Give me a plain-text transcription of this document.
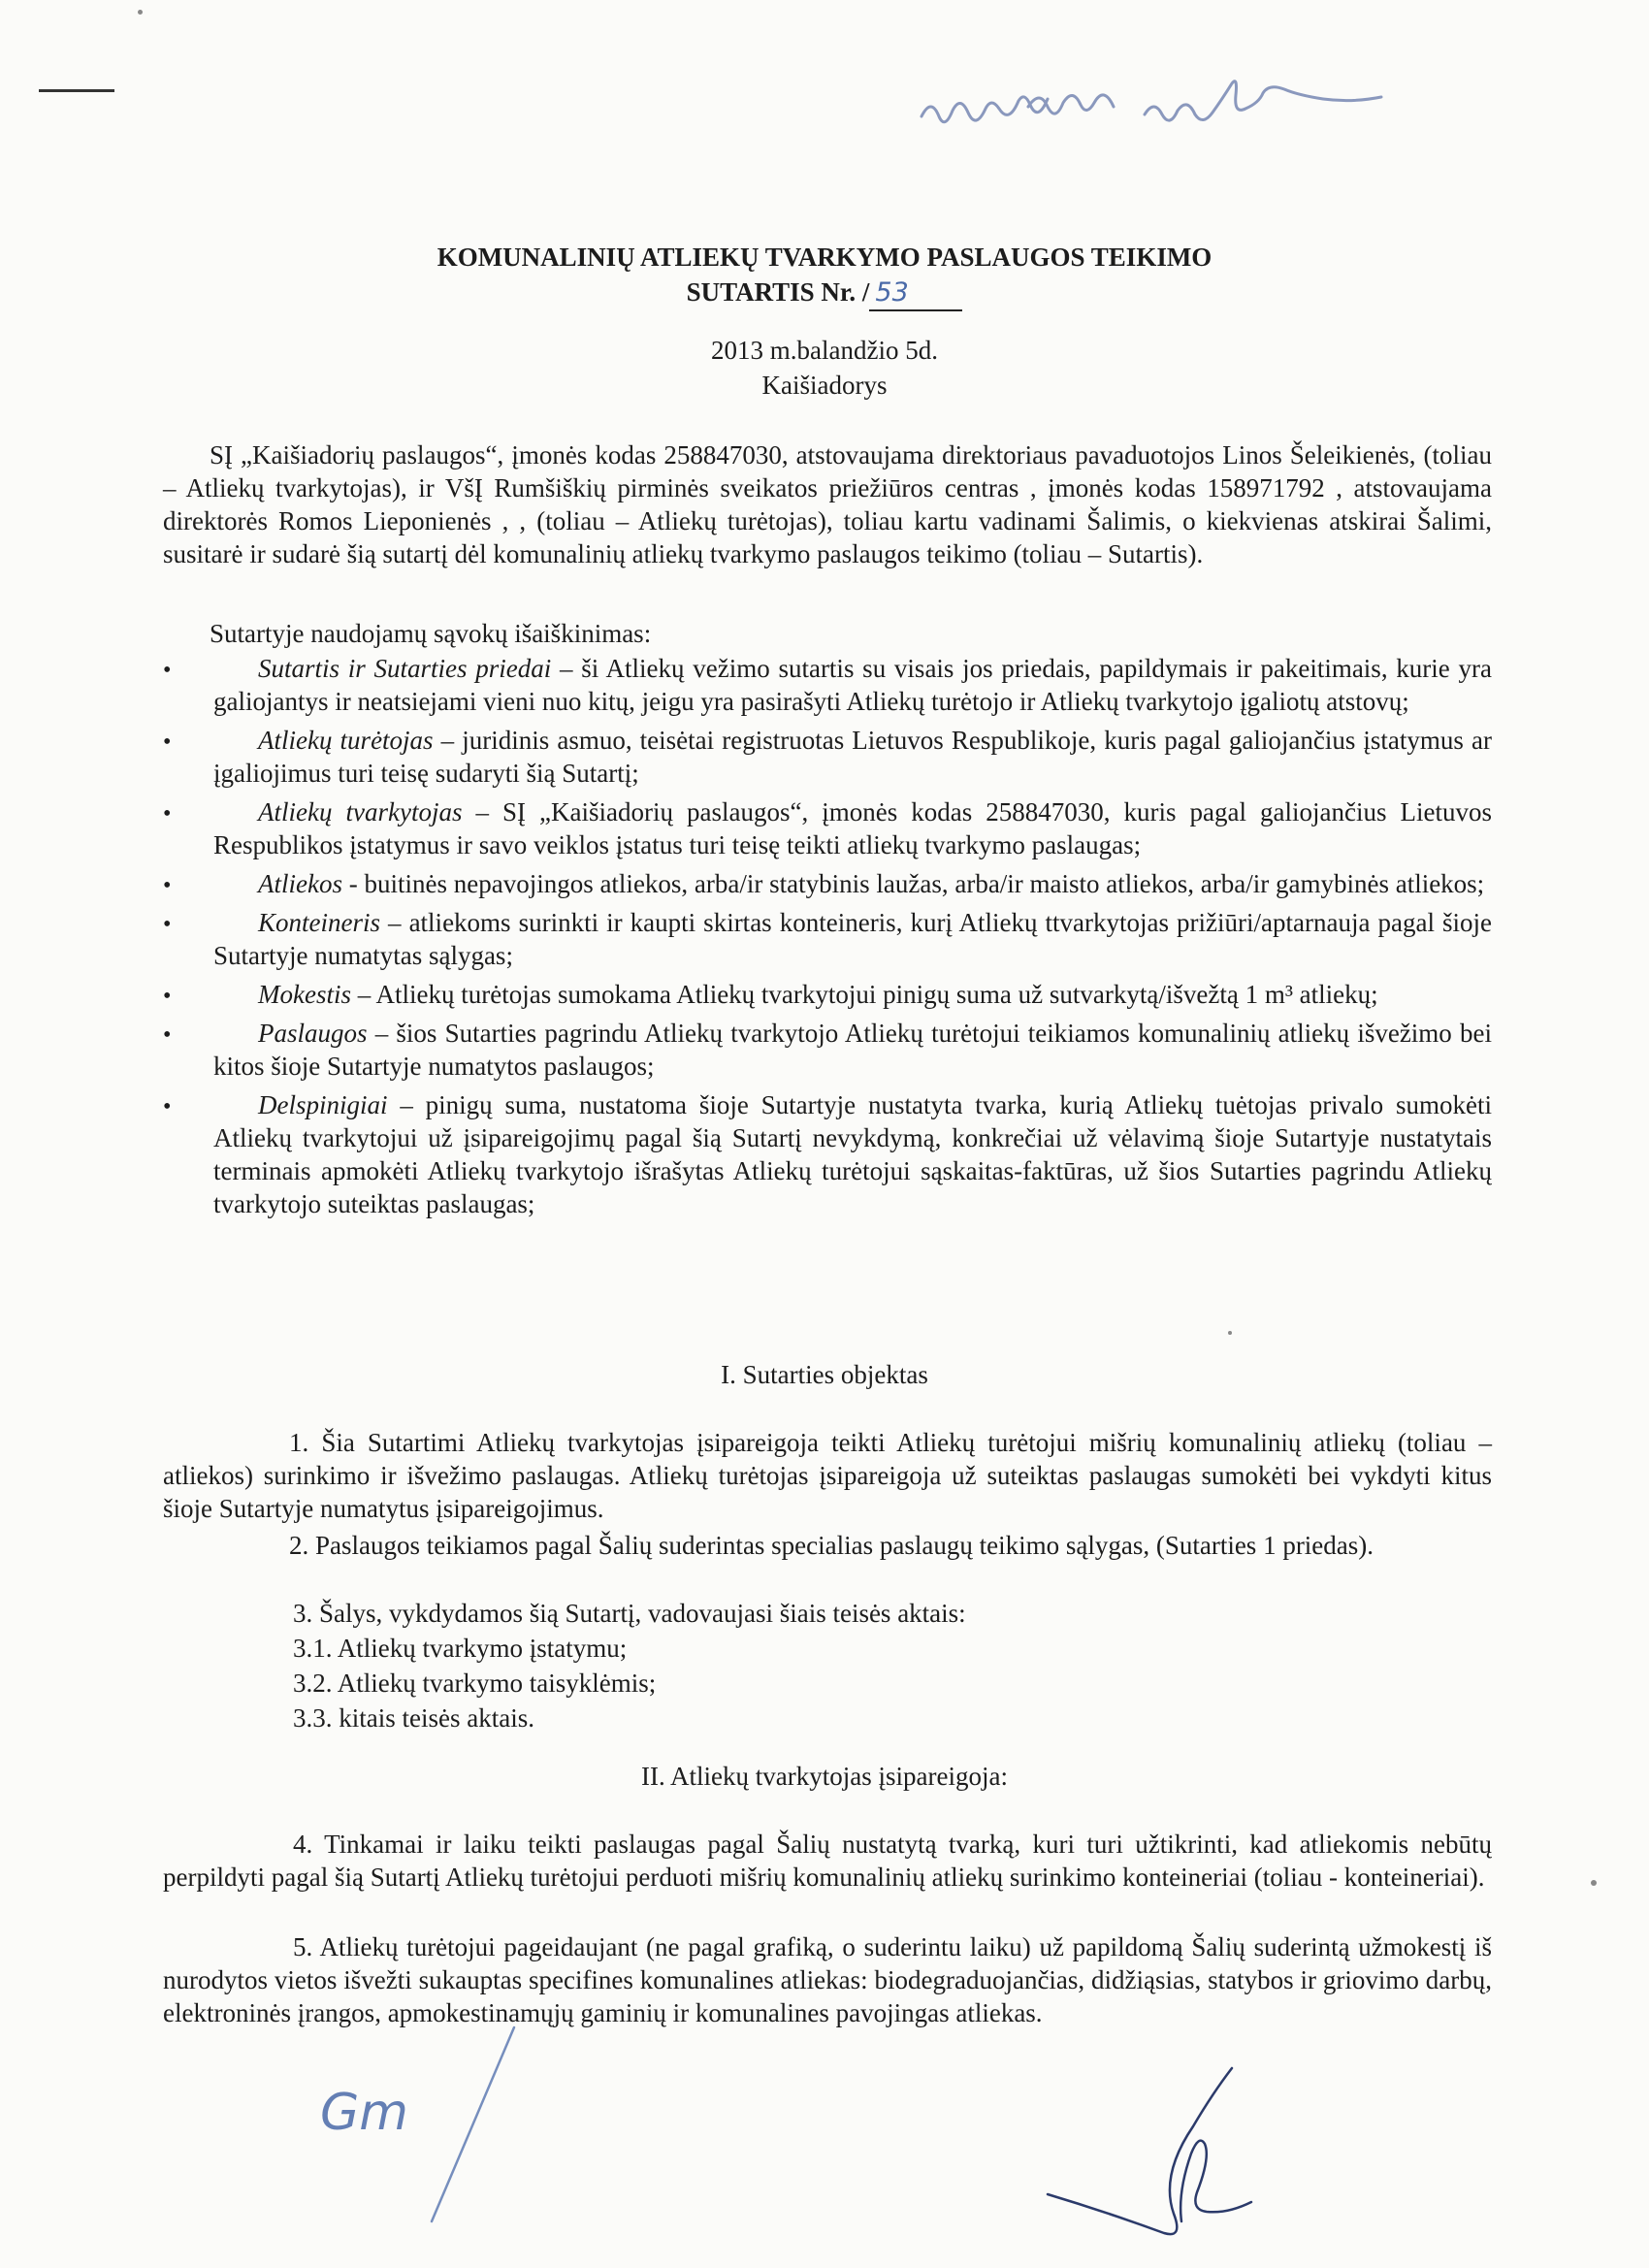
KOMUNALINIŲ ATLIEKŲ TVARKYMO PASLAUGOS TEIKIMO
SUTARTIS Nr. / 53
2013 m.balandžio 5d.
Kaišiadorys
SĮ „Kaišiadorių paslaugos“, įmonės kodas 258847030, atstovaujama direktoriaus pavaduotojos Linos Šeleikienės, (toliau – Atliekų tvarkytojas), ir VšĮ Rumšiškių pirminės sveikatos priežiūros centras , įmonės kodas 158971792 , atstovaujama direktorės Romos Lieponienės , , (toliau – Atliekų turėtojas), toliau kartu vadinami Šalimis, o kiekvienas atskirai Šalimi, susitarė ir sudarė šią sutartį dėl komunalinių atliekų tvarkymo paslaugos teikimo (toliau – Sutartis).
Sutartyje naudojamų sąvokų išaiškinimas:
• Sutartis ir Sutarties priedai – ši Atliekų vežimo sutartis su visais jos priedais, papildymais ir pakeitimais, kurie yra galiojantys ir neatsiejami vieni nuo kitų, jeigu yra pasirašyti Atliekų turėtojo ir Atliekų tvarkytojo įgaliotų atstovų;
• Atliekų turėtojas – juridinis asmuo, teisėtai registruotas Lietuvos Respublikoje, kuris pagal galiojančius įstatymus ar įgaliojimus turi teisę sudaryti šią Sutartį;
• Atliekų tvarkytojas – SĮ „Kaišiadorių paslaugos“, įmonės kodas 258847030, kuris pagal galiojančius Lietuvos Respublikos įstatymus ir savo veiklos įstatus turi teisę teikti atliekų tvarkymo paslaugas;
• Atliekos - buitinės nepavojingos atliekos, arba/ir statybinis laužas, arba/ir maisto atliekos, arba/ir gamybinės atliekos;
• Konteineris – atliekoms surinkti ir kaupti skirtas konteineris, kurį Atliekų ttvarkytojas prižiūri/aptarnauja pagal šioje Sutartyje numatytas sąlygas;
• Mokestis – Atliekų turėtojas sumokama Atliekų tvarkytojui pinigų suma už sutvarkytą/išvežtą 1 m³ atliekų;
• Paslaugos – šios Sutarties pagrindu Atliekų tvarkytojo Atliekų turėtojui teikiamos komunalinių atliekų išvežimo bei kitos šioje Sutartyje numatytos paslaugos;
• Delspinigiai – pinigų suma, nustatoma šioje Sutartyje nustatyta tvarka, kurią Atliekų tuėtojas privalo sumokėti Atliekų tvarkytojui už įsipareigojimų pagal šią Sutartį nevykdymą, konkrečiai už vėlavimą šioje Sutartyje nustatytais terminais apmokėti Atliekų tvarkytojo išrašytas Atliekų turėtojui sąskaitas-faktūras, už šios Sutarties pagrindu Atliekų tvarkytojo suteiktas paslaugas;
I. Sutarties objektas
1. Šia Sutartimi Atliekų tvarkytojas įsipareigoja teikti Atliekų turėtojui mišrių komunalinių atliekų (toliau – atliekos) surinkimo ir išvežimo paslaugas. Atliekų turėtojas įsipareigoja už suteiktas paslaugas sumokėti bei vykdyti kitus šioje Sutartyje numatytus įsipareigojimus.
2. Paslaugos teikiamos pagal Šalių suderintas specialias paslaugų teikimo sąlygas, (Sutarties 1 priedas).
3. Šalys, vykdydamos šią Sutartį, vadovaujasi šiais teisės aktais:
3.1. Atliekų tvarkymo įstatymu;
3.2. Atliekų tvarkymo taisyklėmis;
3.3. kitais teisės aktais.
II. Atliekų tvarkytojas įsipareigoja:
4. Tinkamai ir laiku teikti paslaugas pagal Šalių nustatytą tvarką, kuri turi užtikrinti, kad atliekomis nebūtų perpildyti pagal šią Sutartį Atliekų turėtojui perduoti mišrių komunalinių atliekų surinkimo konteineriai (toliau - konteineriai).
5. Atliekų turėtojui pageidaujant (ne pagal grafiką, o suderintu laiku) už papildomą Šalių suderintą užmokestį iš nurodytos vietos išvežti sukauptas specifines komunalines atliekas: biodegraduojančias, didžiąsias, statybos ir griovimo darbų, elektroninės įrangos, apmokestinamųjų gaminių ir komunalines pavojingas atliekas.
Gm
